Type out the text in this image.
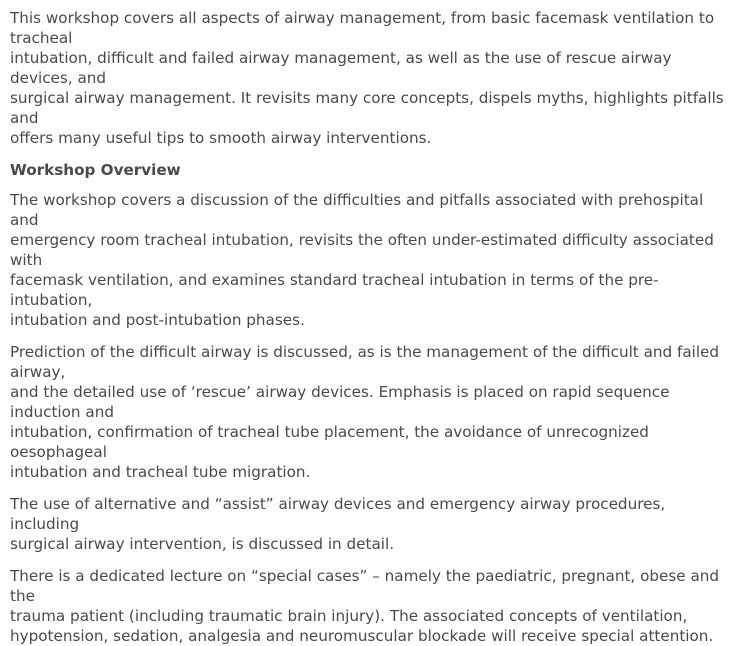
This workshop covers all aspects of airway management, from basic facemask ventilation to tracheal
intubation, difficult and failed airway management, as well as the use of rescue airway devices, and
surgical airway management. It revisits many core concepts, dispels myths, highlights pitfalls and
offers many useful tips to smooth airway interventions.

Workshop Overview

The workshop covers a discussion of the difficulties and pitfalls associated with prehospital and
emergency room tracheal intubation, revisits the often under-estimated difficulty associated with
facemask ventilation, and examines standard tracheal intubation in terms of the pre-intubation,
intubation and post-intubation phases.

Prediction of the difficult airway is discussed, as is the management of the difficult and failed airway,
and the detailed use of ‘rescue’ airway devices. Emphasis is placed on rapid sequence induction and
intubation, confirmation of tracheal tube placement, the avoidance of unrecognized oesophageal
intubation and tracheal tube migration.

The use of alternative and “assist” airway devices and emergency airway procedures, including
surgical airway intervention, is discussed in detail.

There is a dedicated lecture on “special cases” – namely the paediatric, pregnant, obese and the
trauma patient (including traumatic brain injury). The associated concepts of ventilation,
hypotension, sedation, analgesia and neuromuscular blockade will receive special attention.
